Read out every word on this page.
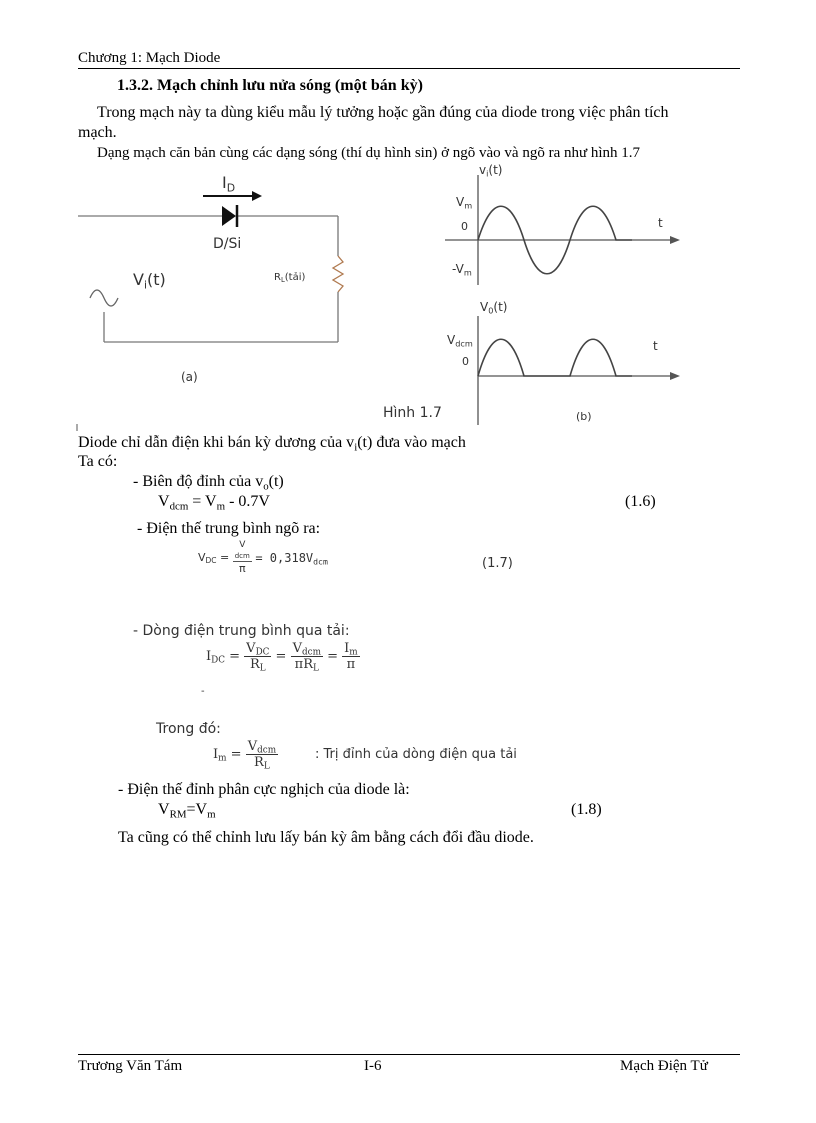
Chương 1: Mạch Diode
1.3.2. Mạch chỉnh lưu nửa sóng (một bán kỳ)
Trong mạch này ta dùng kiểu mẫu lý tưởng hoặc gần đúng của diode trong việc phân tích
mạch.
Dạng mạch căn bản cùng các dạng sóng (thí dụ hình sin) ở ngõ vào và ngõ ra như hình 1.7
$I_D$
D/Si
$V_i(t)$	$R_L(tải)$
(a)
$v_i(t)$
$V_m$
0	t
$-V_m$
$V_0(t)$
$V_{dcm}$
0
t
(b)
Hình 1.7
Diode chỉ dẫn điện khi bán kỳ dương của $v_i(t)$ đưa vào mạch
Ta có:
- Biên độ đỉnh của $v_o(t)$
$V_{dcm} = V_m - 0.7V$	(1.6)
- Điện thế trung bình ngõ ra:
$V_{DC} = V$
dcm
$\pi = 0,318V_{dcm}$	(1.7)
- Dòng điện trung bình qua tải:
$I_{DC} = \frac{V_{DC}}{R_L} = \frac{V_{dcm}}{\pi R_L} = \frac{I_m}{\pi}$
-
Trong đó:
$I_m = \frac{V_{dcm}}{R_L}$	: Trị đỉnh của dòng điện qua tải
- Điện thế đỉnh phân cực nghịch của diode là:
$V_{RM}=V_m$	(1.8)
Ta cũng có thể chỉnh lưu lấy bán kỳ âm bằng cách đổi đầu diode.
Trương Văn Tám	I-6	Mạch Điện Tử
